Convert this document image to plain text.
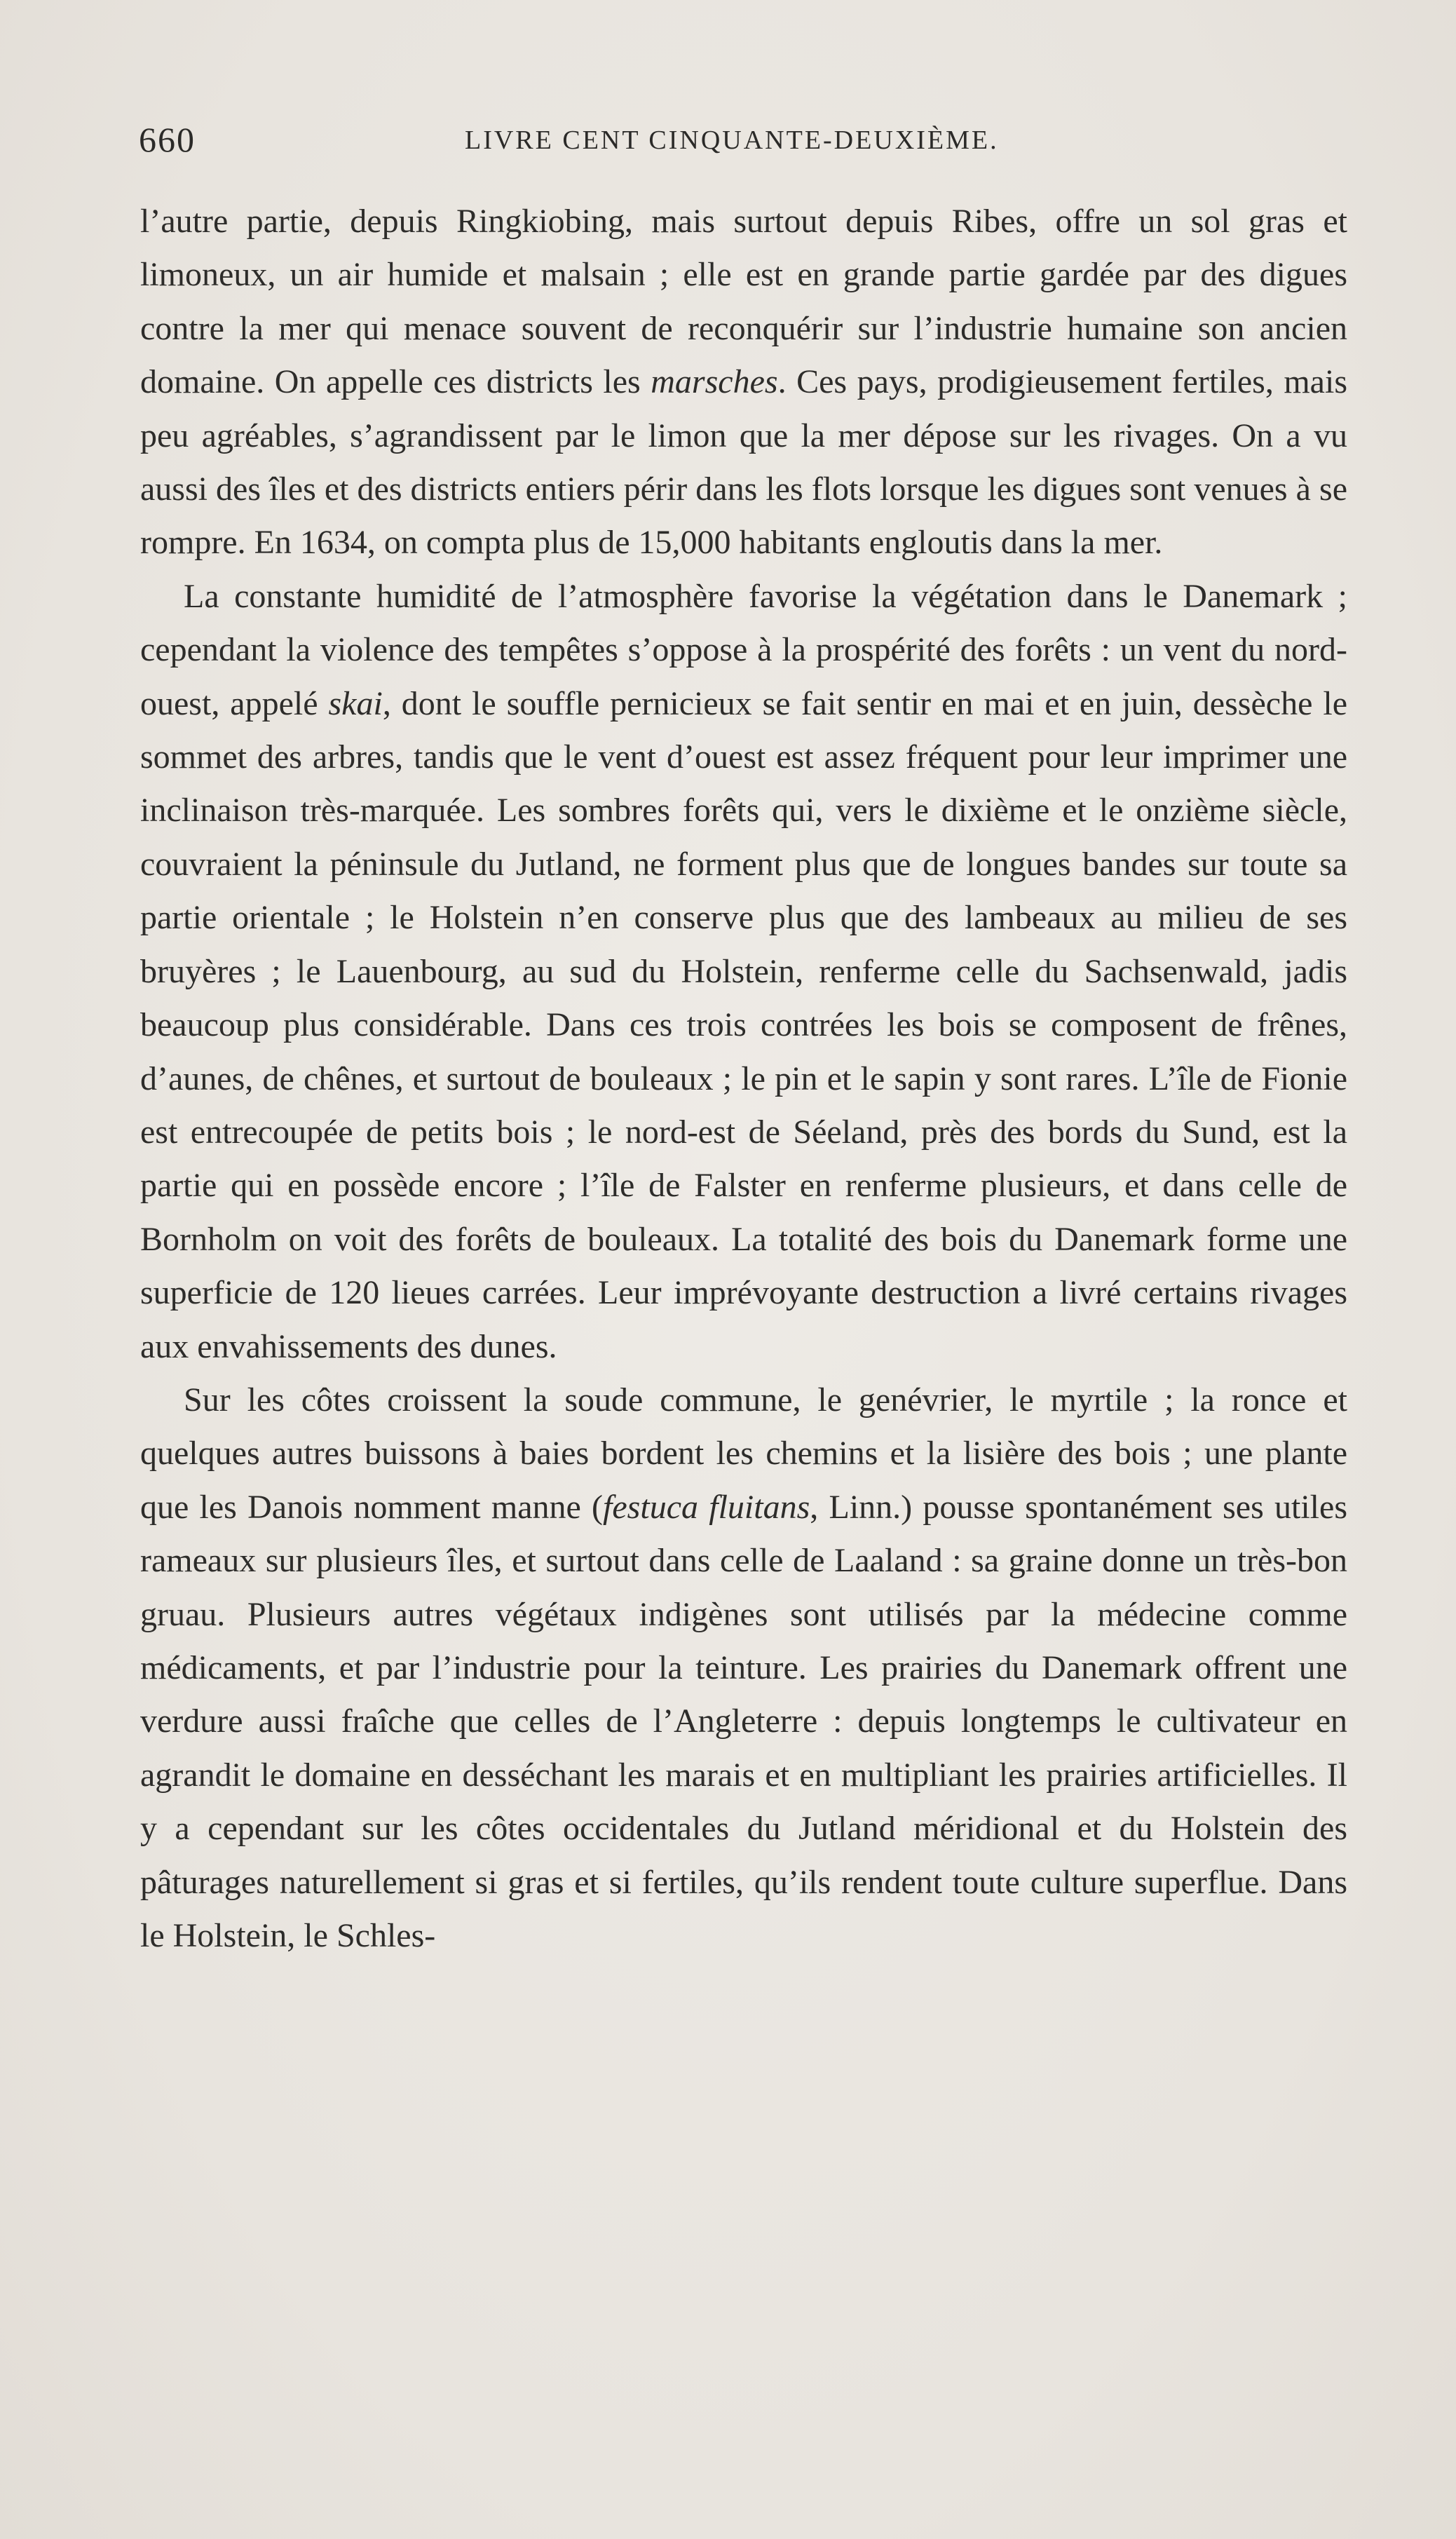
660	LIVRE CENT CINQUANTE-DEUXIÈME.

l’autre partie, depuis Ringkiobing, mais surtout depuis Ribes, offre un sol gras et limoneux, un air humide et malsain ; elle est en grande partie gardée par des digues contre la mer qui menace souvent de reconquérir sur l’industrie humaine son ancien domaine. On appelle ces districts les marsches. Ces pays, prodigieusement fertiles, mais peu agréables, s’agrandissent par le limon que la mer dépose sur les rivages. On a vu aussi des îles et des districts entiers périr dans les flots lorsque les digues sont venues à se rompre. En 1634, on compta plus de 15,000 habitants engloutis dans la mer.

La constante humidité de l’atmosphère favorise la végétation dans le Danemark ; cependant la violence des tempêtes s’oppose à la prospérité des forêts : un vent du nord-ouest, appelé skai, dont le souffle pernicieux se fait sentir en mai et en juin, dessèche le sommet des arbres, tandis que le vent d’ouest est assez fréquent pour leur imprimer une inclinaison très-marquée. Les sombres forêts qui, vers le dixième et le onzième siècle, couvraient la péninsule du Jutland, ne forment plus que de longues bandes sur toute sa partie orientale ; le Holstein n’en conserve plus que des lambeaux au milieu de ses bruyères ; le Lauenbourg, au sud du Holstein, renferme celle du Sachsenwald, jadis beaucoup plus considérable. Dans ces trois contrées les bois se composent de frênes, d’aunes, de chênes, et surtout de bouleaux ; le pin et le sapin y sont rares. L’île de Fionie est entrecoupée de petits bois ; le nord-est de Séeland, près des bords du Sund, est la partie qui en possède encore ; l’île de Falster en renferme plusieurs, et dans celle de Bornholm on voit des forêts de bouleaux. La totalité des bois du Danemark forme une superficie de 120 lieues carrées. Leur imprévoyante destruction a livré certains rivages aux envahissements des dunes.

Sur les côtes croissent la soude commune, le genévrier, le myrtile ; la ronce et quelques autres buissons à baies bordent les chemins et la lisière des bois ; une plante que les Danois nomment manne (festuca fluitans, Linn.) pousse spontanément ses utiles rameaux sur plusieurs îles, et surtout dans celle de Laaland : sa graine donne un très-bon gruau. Plusieurs autres végétaux indigènes sont utilisés par la médecine comme médicaments, et par l’industrie pour la teinture. Les prairies du Danemark offrent une verdure aussi fraîche que celles de l’Angleterre : depuis longtemps le cultivateur en agrandit le domaine en desséchant les marais et en multipliant les prairies artificielles. Il y a cependant sur les côtes occidentales du Jutland méridional et du Holstein des pâturages naturellement si gras et si fertiles, qu’ils rendent toute culture superflue. Dans le Holstein, le Schles-
